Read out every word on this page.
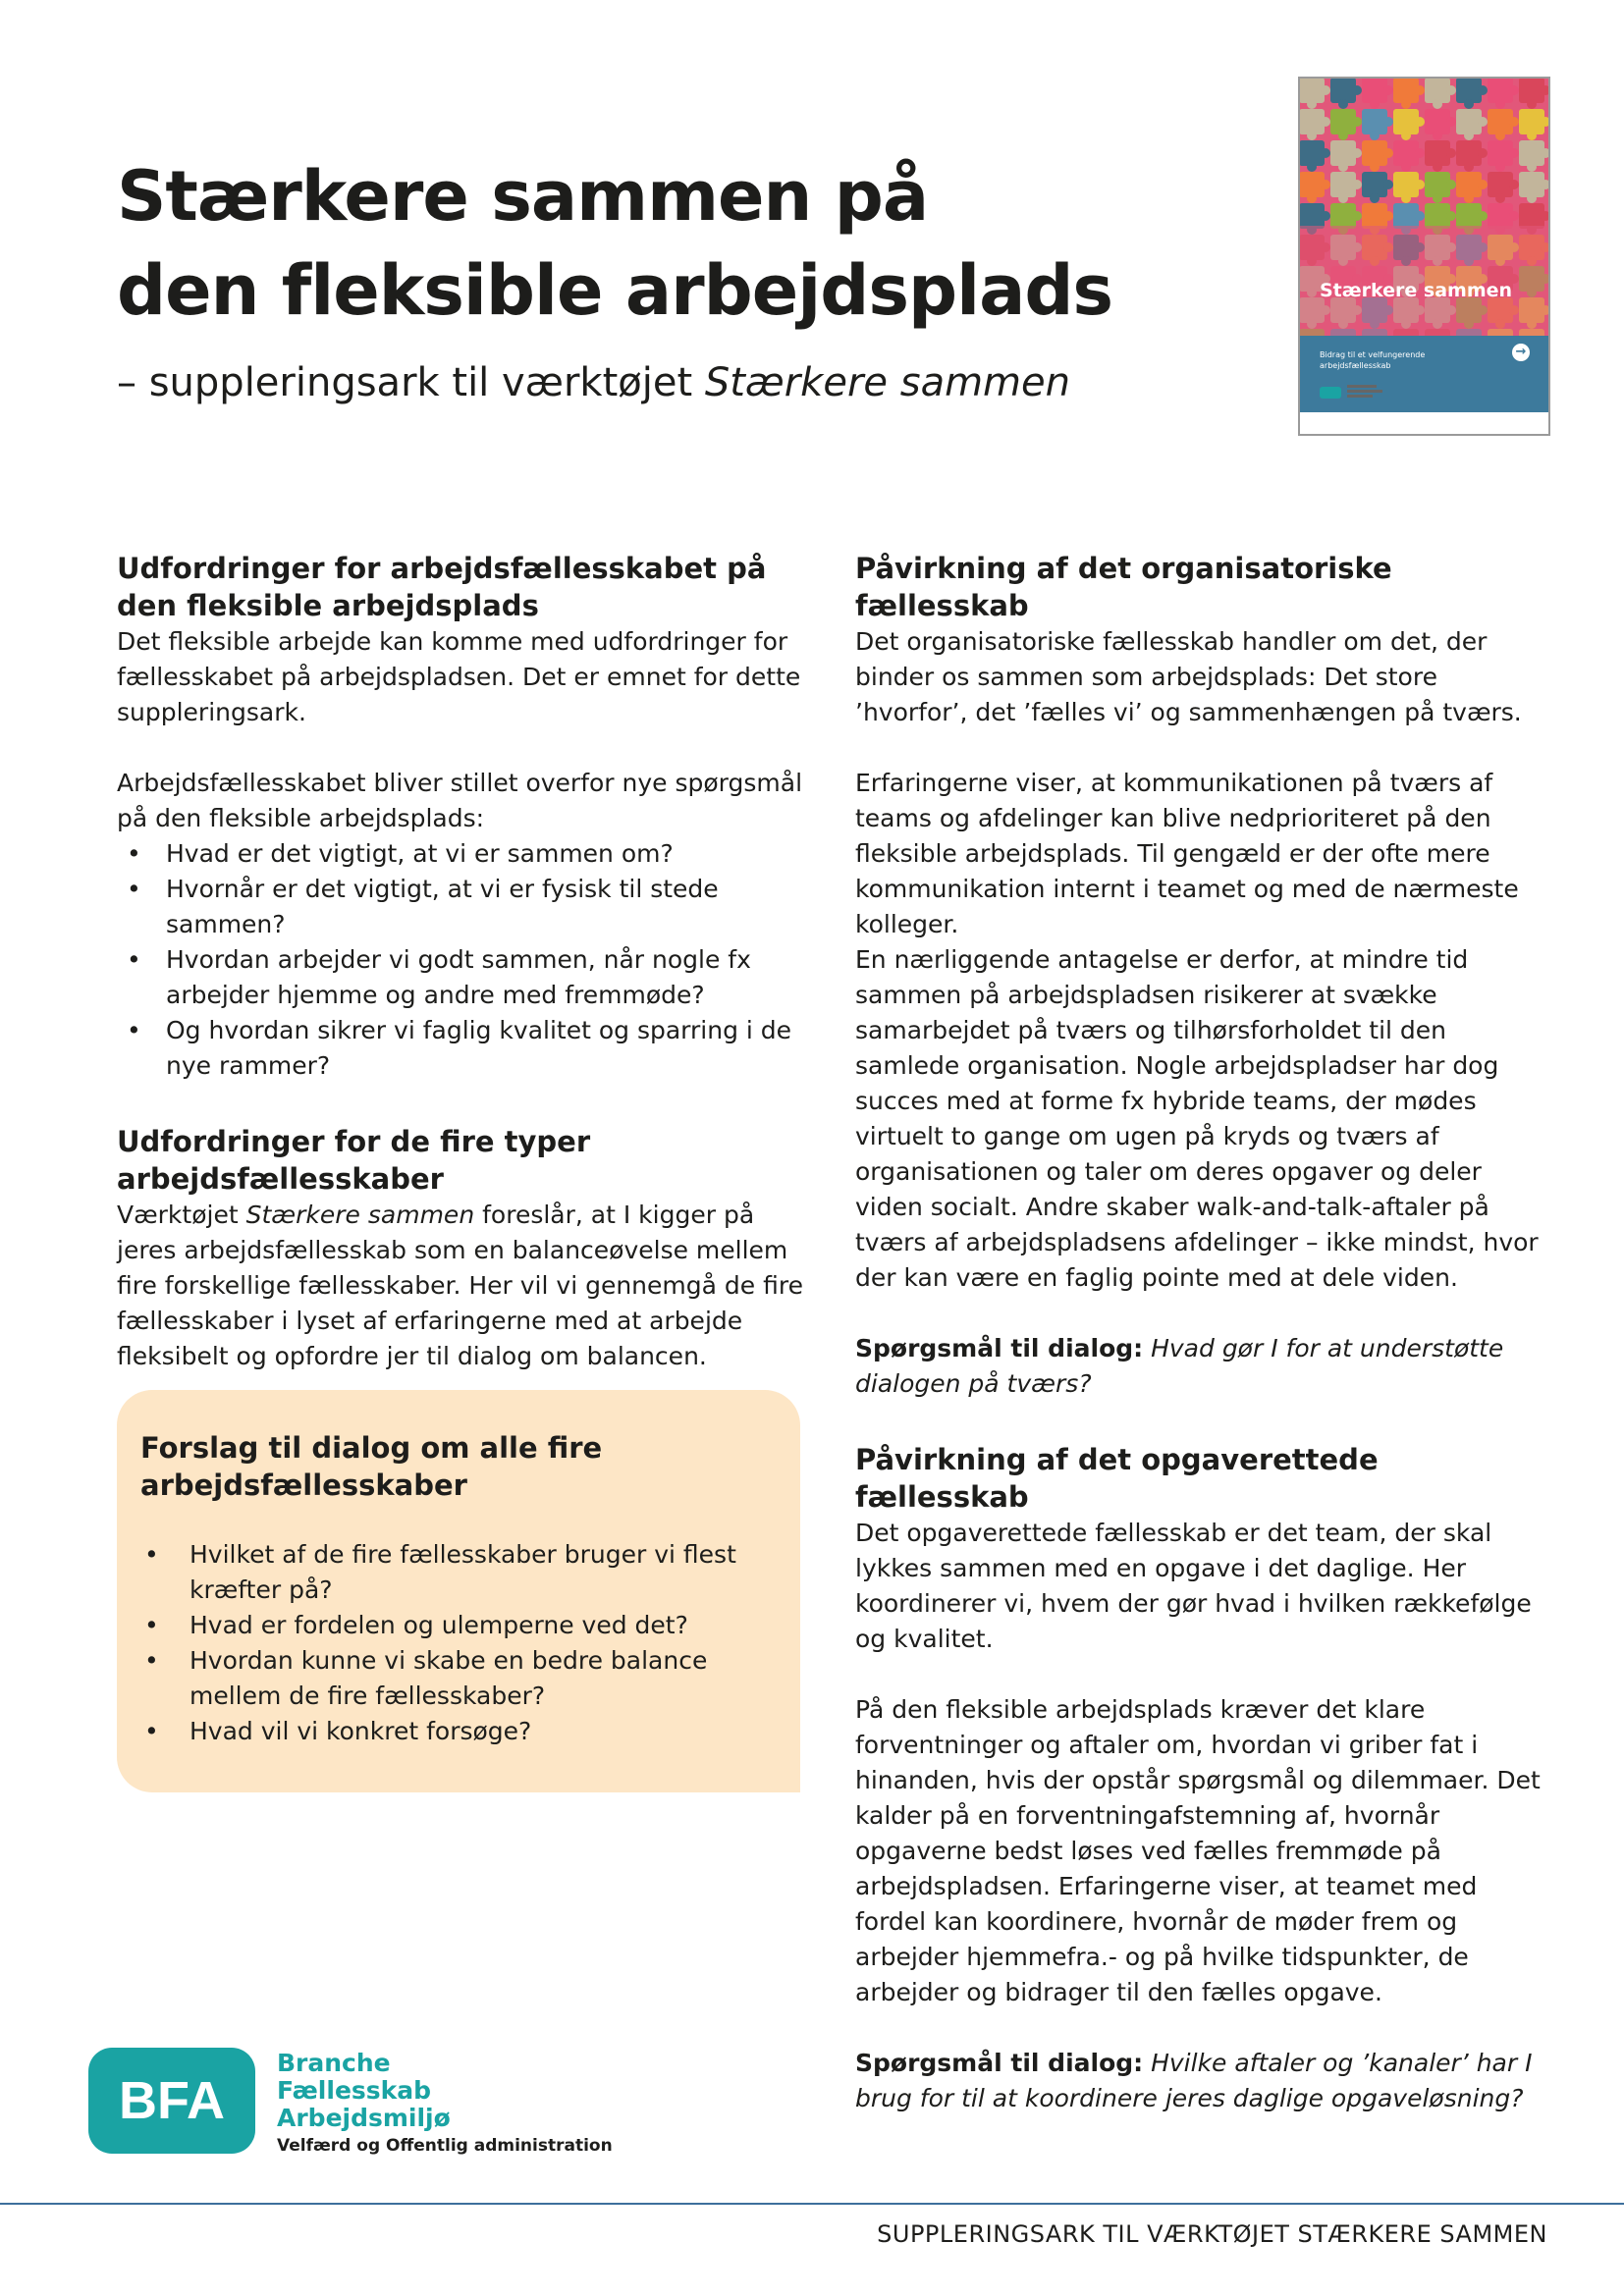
Stærkere sammen på
den fleksible arbejdsplads
– suppleringsark til værktøjet Stærkere sammen
Stærkere sammen
Bidrag til et velfungerende arbejdsfællesskab
→
Udfordringer for arbejdsfællesskabet på den fleksible arbejdsplads

Det fleksible arbejde kan komme med udfordringer for fællesskabet på arbejdspladsen. Det er emnet for dette suppleringsark.

Arbejdsfællesskabet bliver stillet overfor nye spørgsmål på den fleksible arbejdsplads:

• Hvad er det vigtigt, at vi er sammen om?
• Hvornår er det vigtigt, at vi er fysisk til stede sammen?
• Hvordan arbejder vi godt sammen, når nogle fx arbejder hjemme og andre med fremmøde?
• Og hvordan sikrer vi faglig kvalitet og sparring i de nye rammer?
Udfordringer for de fire typer arbejdsfællesskaber

Værktøjet Stærkere sammen foreslår, at I kigger på jeres arbejdsfællesskab som en balanceøvelse mellem fire forskellige fællesskaber. Her vil vi gennemgå de fire fællesskaber i lyset af erfaringerne med at arbejde fleksibelt og opfordre jer til dialog om balancen.

Forslag til dialog om alle fire arbejdsfællesskaber
• Hvilket af de fire fællesskaber bruger vi flest kræfter på?
• Hvad er fordelen og ulemperne ved det?
• Hvordan kunne vi skabe en bedre balance mellem de fire fællesskaber?
• Hvad vil vi konkret forsøge?
Påvirkning af det organisatoriske fællesskab

Det organisatoriske fællesskab handler om det, der binder os sammen som arbejdsplads: Det store ’hvorfor’, det ’fælles vi’ og sammenhængen på tværs.

Erfaringerne viser, at kommunikationen på tværs af teams og afdelinger kan blive nedprioriteret på den fleksible arbejdsplads. Til gengæld er der ofte mere kommunikation internt i teamet og med de nærmeste kolleger.

En nærliggende antagelse er derfor, at mindre tid sammen på arbejdspladsen risikerer at svække samarbejdet på tværs og tilhørsforholdet til den samlede organisation. Nogle arbejdspladser har dog succes med at forme fx hybride teams, der mødes virtuelt to gange om ugen på kryds og tværs af organisationen og taler om deres opgaver og deler viden socialt. Andre skaber walk-and-talk-aftaler på tværs af arbejdspladsens afdelinger – ikke mindst, hvor der kan være en faglig pointe med at dele viden.

Spørgsmål til dialog: Hvad gør I for at understøtte dialogen på tværs?

Påvirkning af det opgaverettede fællesskab

Det opgaverettede fællesskab er det team, der skal lykkes sammen med en opgave i det daglige. Her koordinerer vi, hvem der gør hvad i hvilken rækkefølge og kvalitet.

På den fleksible arbejdsplads kræver det klare forventninger og aftaler om, hvordan vi griber fat i hinanden, hvis der opstår spørgsmål og dilemmaer. Det kalder på en forventningafstemning af, hvornår opgaverne bedst løses ved fælles fremmøde på arbejdspladsen. Erfaringerne viser, at teamet med fordel kan koordinere, hvornår de møder frem og arbejder hjemmefra.- og på hvilke tidspunkter, de arbejder og bidrager til den fælles opgave.

Spørgsmål til dialog: Hvilke aftaler og ’kanaler’ har I brug for til at koordinere jeres daglige opgaveløsning?

BFA
Branche
Fællesskab
Arbejdsmiljø
Velfærd og Offentlig administration
SUPPLERINGSARK TIL VÆRKTØJET STÆRKERE SAMMEN
